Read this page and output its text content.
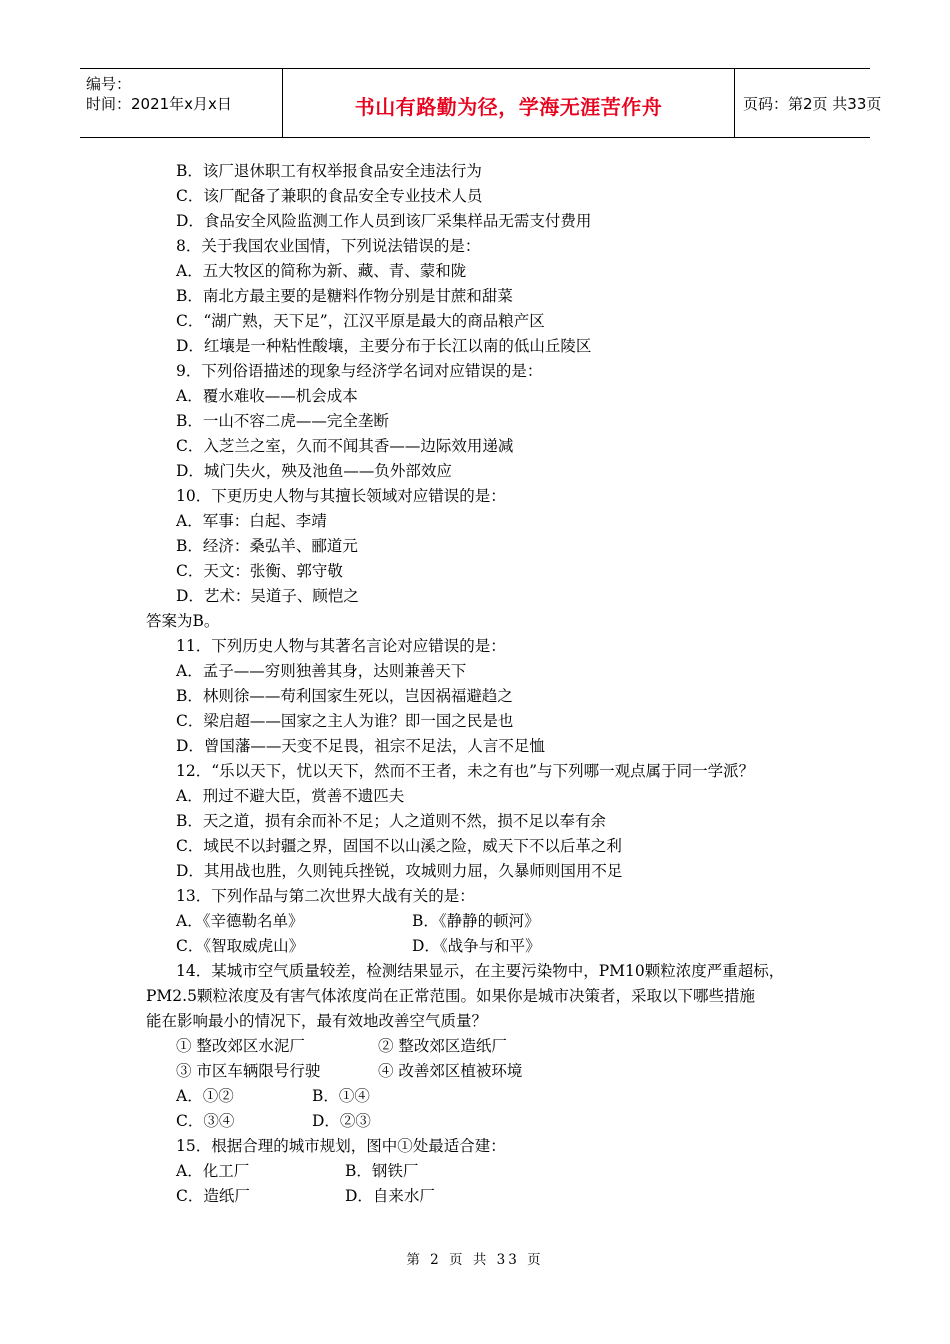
编号：
时间：2021年x月x日	书山有路勤为径，学海无涯苦作舟	页码：第2页 共33页
B．该厂退休职工有权举报食品安全违法行为
C．该厂配备了兼职的食品安全专业技术人员
D．食品安全风险监测工作人员到该厂采集样品无需支付费用
8．关于我国农业国情，下列说法错误的是：
A．五大牧区的简称为新、藏、青、蒙和陇
B．南北方最主要的是糖料作物分别是甘蔗和甜菜
C．“湖广熟，天下足”，江汉平原是最大的商品粮产区
D．红壤是一种粘性酸壤，主要分布于长江以南的低山丘陵区
9．下列俗语描述的现象与经济学名词对应错误的是：
A．覆水难收——机会成本
B．一山不容二虎——完全垄断
C．入芝兰之室，久而不闻其香——边际效用递减
D．城门失火，殃及池鱼——负外部效应
10．下更历史人物与其擅长领域对应错误的是：
A．军事：白起、李靖
B．经济：桑弘羊、郦道元
C．天文：张衡、郭守敬
D．艺术：吴道子、顾恺之
答案为B。
11．下列历史人物与其著名言论对应错误的是：
A．孟子——穷则独善其身，达则兼善天下
B．林则徐——苟利国家生死以，岂因祸福避趋之
C．梁启超——国家之主人为谁？即一国之民是也
D．曾国藩——天变不足畏，祖宗不足法，人言不足恤
12．“乐以天下，忧以天下，然而不王者，未之有也”与下列哪一观点属于同一学派？
A．刑过不避大臣，赏善不遗匹夫
B．天之道，损有余而补不足；人之道则不然，损不足以奉有余
C．域民不以封疆之界，固国不以山溪之险，威天下不以后革之利
D．其用战也胜，久则钝兵挫锐，攻城则力屈，久暴师则国用不足
13．下列作品与第二次世界大战有关的是：
A．《辛德勒名单》	B．《静静的顿河》
C．《智取威虎山》	D．《战争与和平》
14．某城市空气质量较差，检测结果显示，在主要污染物中，PM10颗粒浓度严重超标，
PM2.5颗粒浓度及有害气体浓度尚在正常范围。如果你是城市决策者，采取以下哪些措施
能在影响最小的情况下，最有效地改善空气质量？
① 整改郊区水泥厂	② 整改郊区造纸厂
③ 市区车辆限号行驶	④ 改善郊区植被环境
A．①②	B．①④
C．③④	D．②③
15．根据合理的城市规划，图中①处最适合建：
A．化工厂	B．钢铁厂
C．造纸厂	D．自来水厂
第 2 页 共 33 页
